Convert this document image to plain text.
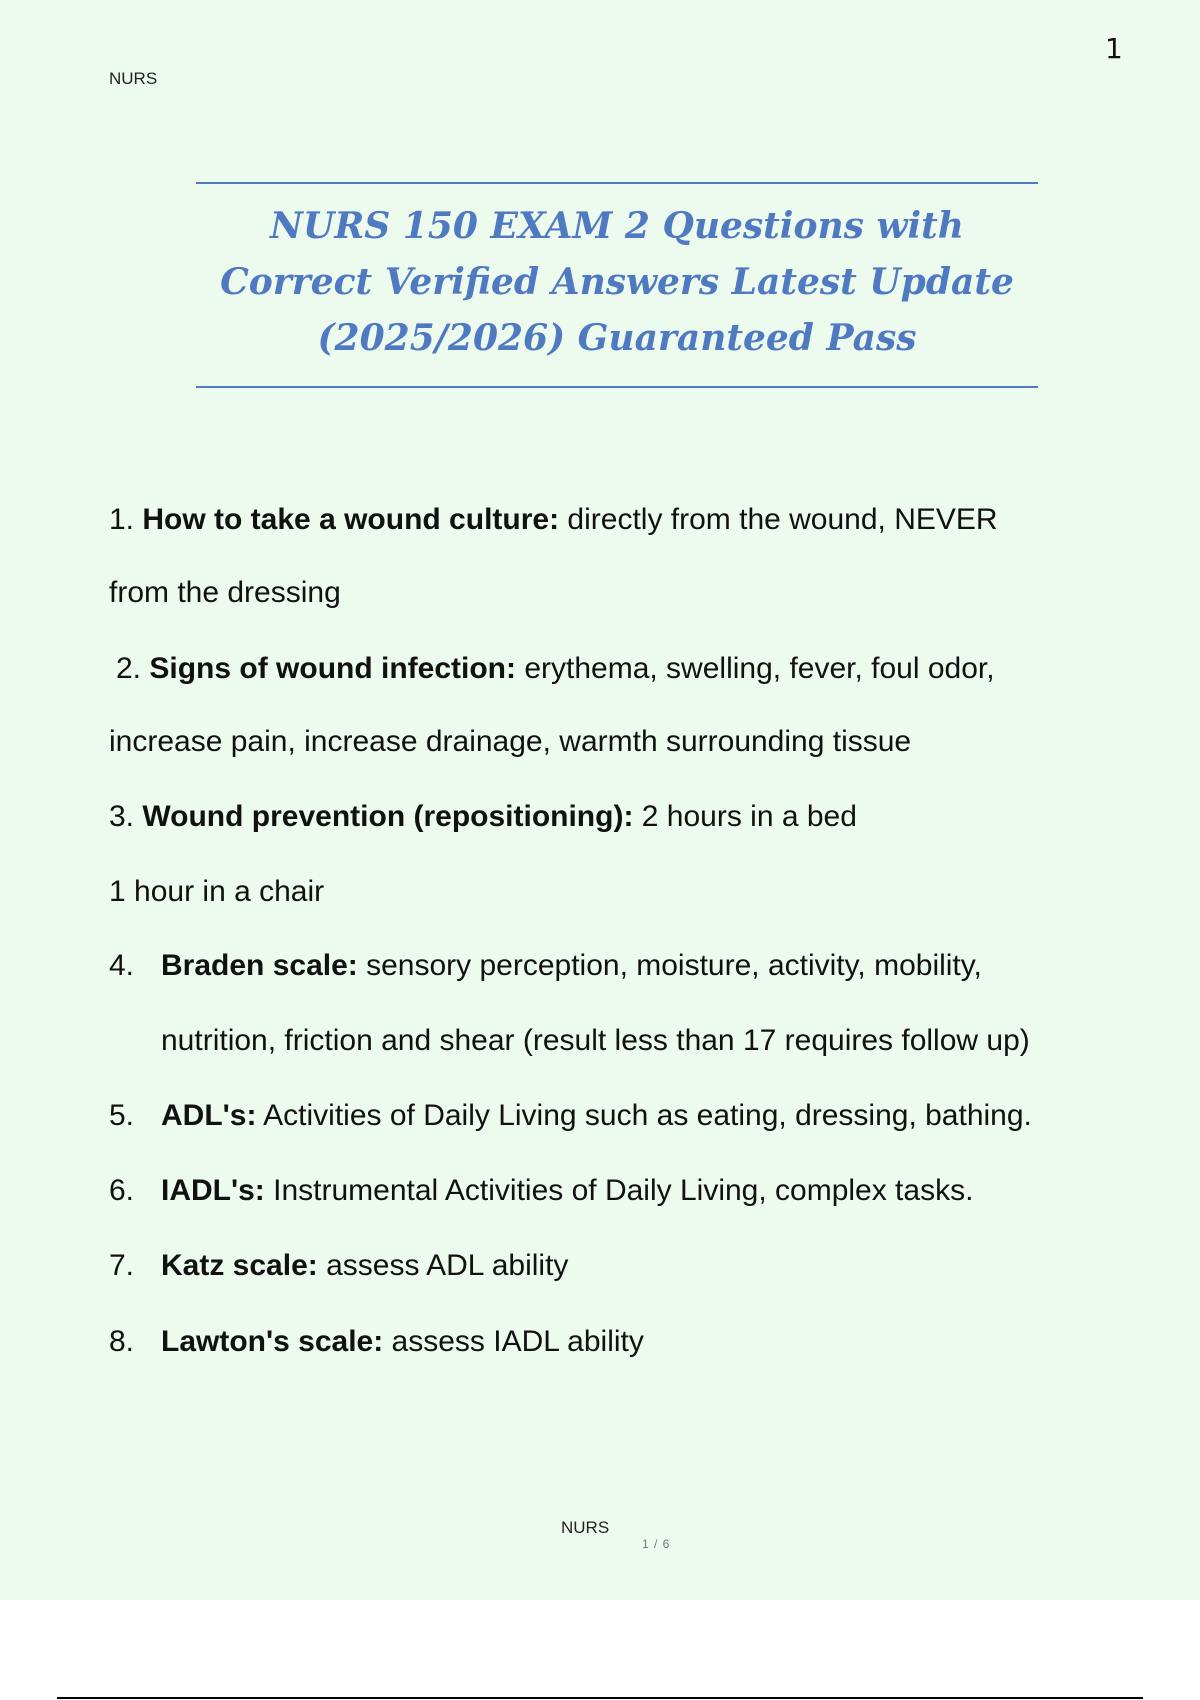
1
NURS
NURS 150 EXAM 2 Questions with Correct Verified Answers Latest Update (2025/2026) Guaranteed Pass
1. How to take a wound culture: directly from the wound, NEVER
from the dressing
2. Signs of wound infection: erythema, swelling, fever, foul odor,
increase pain, increase drainage, warmth surrounding tissue
3. Wound prevention (repositioning): 2 hours in a bed
1 hour in a chair
4. Braden scale: sensory perception, moisture, activity, mobility,
nutrition, friction and shear (result less than 17 requires follow up)
5. ADL's: Activities of Daily Living such as eating, dressing, bathing.
6. IADL's: Instrumental Activities of Daily Living, complex tasks.
7. Katz scale: assess ADL ability
8. Lawton's scale: assess IADL ability
NURS
1 / 6
